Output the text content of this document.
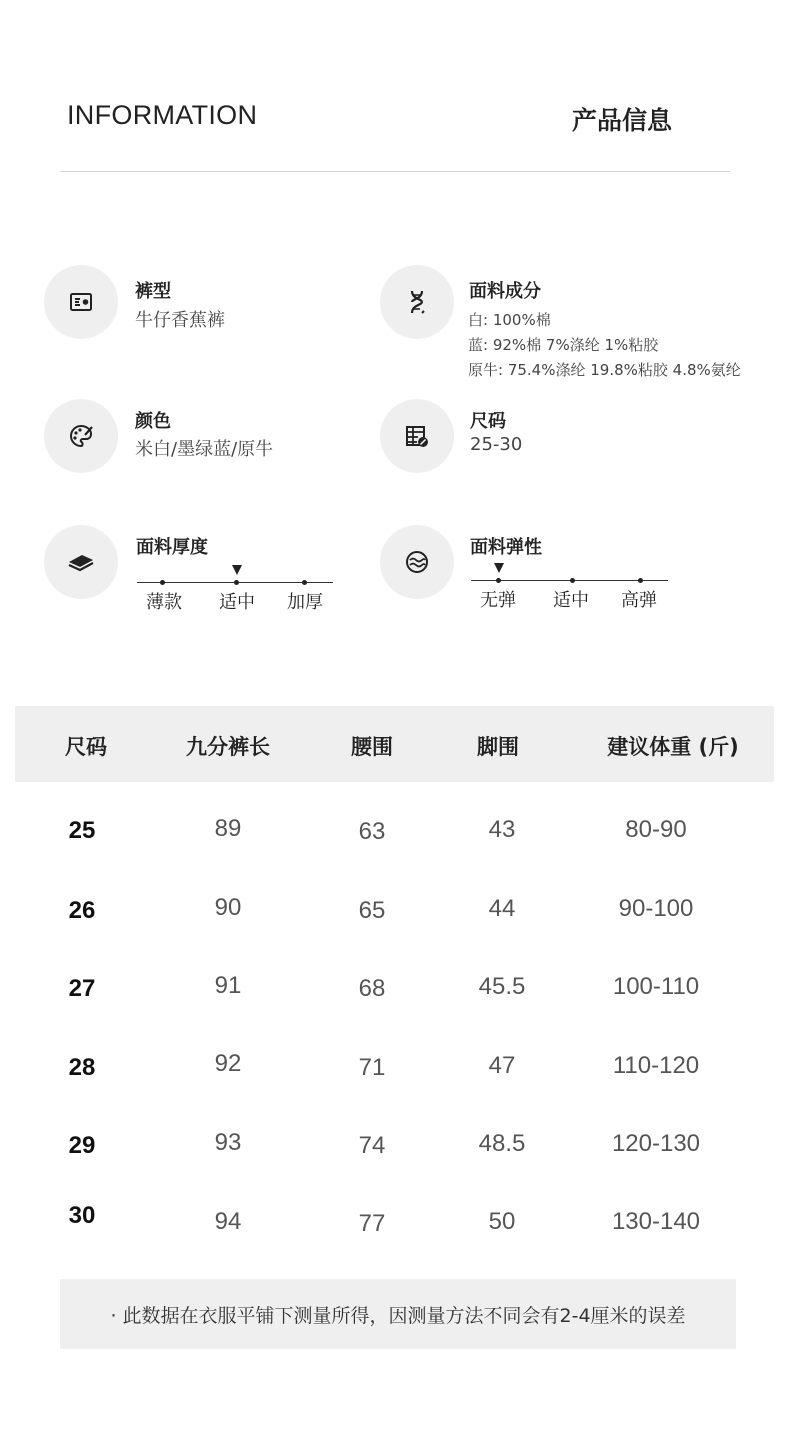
INFORMATION	产品信息
裤型
牛仔香蕉裤
面料成分
白: 100%棉
蓝: 92%棉 7%涤纶 1%粘胶
原牛: 75.4%涤纶 19.8%粘胶 4.8%氨纶
颜色
米白/墨绿蓝/原牛
尺码
25-30
面料厚度
薄款 适中 加厚
面料弹性
无弹 适中 高弹
尺码	九分裤长	腰围	脚围	建议体重 (斤)
25	89	63	43	80-90
26	90	65	44	90-100
27	91	68	45.5	100-110
28	92	71	47	110-120
29	93	74	48.5	120-130
30	94	77	50	130-140
· 此数据在衣服平铺下测量所得，因测量方法不同会有2-4厘米的误差
